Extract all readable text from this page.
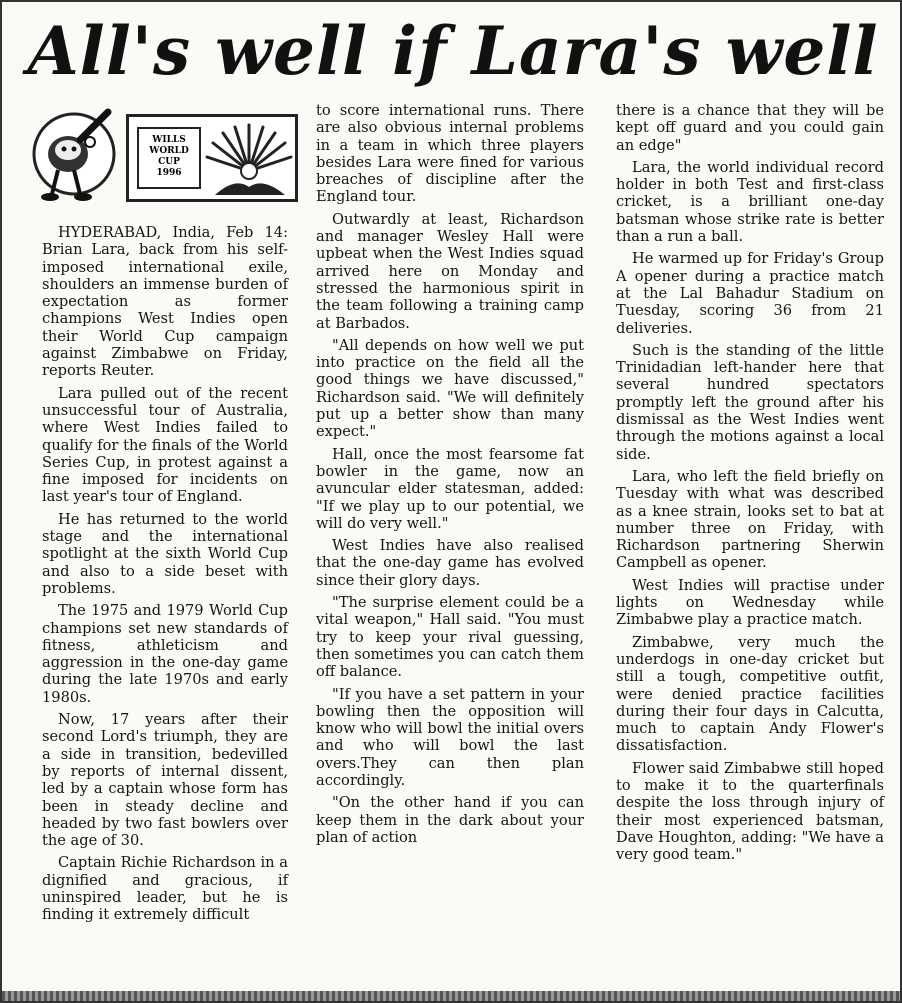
All's well if Lara's well
WILLS
WORLD CUP
1996

HYDERABAD, India, Feb 14: Brian Lara, back from his self-imposed international exile, shoulders an immense burden of expectation as former champions West Indies open their World Cup campaign against Zimbabwe on Friday, reports Reuter.

Lara pulled out of the recent unsuccessful tour of Australia, where West Indies failed to qualify for the finals of the World Series Cup, in protest against a fine imposed for incidents on last year's tour of England.

He has returned to the world stage and the international spotlight at the sixth World Cup and also to a side beset with problems.

The 1975 and 1979 World Cup champions set new standards of fitness, athleticism and aggression in the one-day game during the late 1970s and early 1980s.

Now, 17 years after their second Lord's triumph, they are a side in transition, bedevilled by reports of internal dissent, led by a captain whose form has been in steady decline and headed by two fast bowlers over the age of 30.

Captain Richie Richardson in a dignified and gracious, if uninspired leader, but he is finding it extremely difficult

to score international runs. There are also obvious internal problems in a team in which three players besides Lara were fined for various breaches of discipline after the England tour.

Outwardly at least, Richardson and manager Wesley Hall were upbeat when the West Indies squad arrived here on Monday and stressed the harmonious spirit in the team following a training camp at Barbados.

"All depends on how well we put into practice on the field all the good things we have discussed," Richardson said. "We will definitely put up a better show than many expect."

Hall, once the most fearsome fat bowler in the game, now an avuncular elder statesman, added: "If we play up to our potential, we will do very well."

West Indies have also realised that the one-day game has evolved since their glory days.

"The surprise element could be a vital weapon," Hall said. "You must try to keep your rival guessing, then sometimes you can catch them off balance.

"If you have a set pattern in your bowling then the opposition will know who will bowl the initial overs and who will bowl the last overs.They can then plan accordingly.

"On the other hand if you can keep them in the dark about your plan of action

there is a chance that they will be kept off guard and you could gain an edge"

Lara, the world individual record holder in both Test and first-class cricket, is a brilliant one-day batsman whose strike rate is better than a run a ball.

He warmed up for Friday's Group A opener during a practice match at the Lal Bahadur Stadium on Tuesday, scoring 36 from 21 deliveries.

Such is the standing of the little Trinidadian left-hander here that several hundred spectators promptly left the ground after his dismissal as the West Indies went through the motions against a local side.

Lara, who left the field briefly on Tuesday with what was described as a knee strain, looks set to bat at number three on Friday, with Richardson partnering Sherwin Campbell as opener.

West Indies will practise under lights on Wednesday while Zimbabwe play a practice match.

Zimbabwe, very much the underdogs in one-day cricket but still a tough, competitive outfit, were denied practice facilities during their four days in Calcutta, much to captain Andy Flower's dissatisfaction.

Flower said Zimbabwe still hoped to make it to the quarterfinals despite the loss through injury of their most experienced batsman, Dave Houghton, adding: "We have a very good team."
